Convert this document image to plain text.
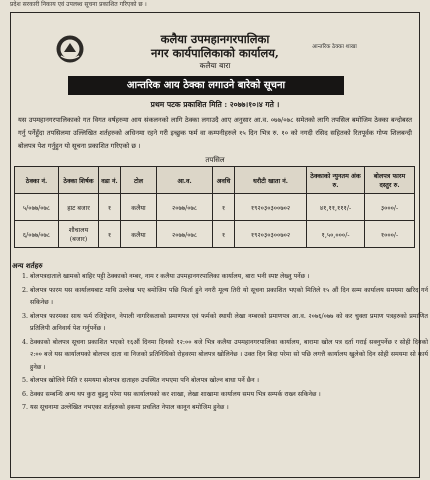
प्रदेश सरकारी निकाय एवं उपलब्ध सूचना प्रकाशित गरिएको छ ।
कलैया उपमहानगरपालिका
नगर कार्यपालिकाको कार्यालय,
कलैया बारा
आन्तरिक ठेक्का शाखा
आन्तरिक आय ठेक्का लगाउने बारेको सूचना
प्रथम पटक प्रकाशित मिति : २०७७।१०।४ गते ।
यस उपमहानगरपालिकाको गत विगत वर्षहरुमा आय संकलनको लागि ठेक्का लगाउदै आए अनुसार आ.व. ०७७/०७८ समेतको लागि तपसिल बमोजिम ठेक्का बन्दोबस्त गर्नु पर्नेहुँदा तपसिलमा उल्लिखित शर्तहरुको अधिनमा रहने गरी इच्छुक फर्म वा कम्पनीहरुले १५ दिन भित्र रु. १० को नगदी रसिद सहितको रितपूर्वक गोप्य शिलबन्दी बोलपत्र पेश गर्नुहुन यो सूचना प्रकाशित गरिएको छ ।
तपसिल
ठेक्का नं.	ठेक्का शिर्षक	वडा नं.	टोल	आ.व.	अवधि	धरौटी खाता नं.	ठेक्काको न्युनतम अंक रु.	बोलपत्र फारम दस्तुर रु.
५/०७७/०७८	हाट बजार	१	कलैया	२०७७/०७८	१	१९२०३०३००७०२	४१,११,१११/-	३०००/-
६/०७७/०७८	शौचालय (बजार)	१	कलैया	२०७७/०७८	१	१९२०३०३००७०२	१,५०,०००/-	१०००/-
अन्य शर्तहरु
1. बोलपत्रदाताले खामको बाहिर पट्टी ठेक्काको नम्बर, नाम र कलैया उपमहानगरपालिका कार्यालय, बारा भनी स्पष्ट लेख्नु पर्नेछ ।
2. बोलपत्र फारम यस कार्यालयबाट माथि उल्लेख भए बमोजिम पछि फिर्ता हुने नगरी मूल्य तिरी यो सूचना प्रकाशित भएको मितिले १५ औं दिन सम्म कार्यालय समयमा खरिद गर्न सकिनेछ ।
3. बोलपत्र फारमका साथ फर्म रजिष्ट्रेशन, नेपाली नागरिकताको प्रमाणपत्र एवं फर्मको स्थायी लेखा नम्बरको प्रमाणपत्र आ.व. २०७६/०७७ को कर चुक्ता प्रमाण पत्रहरुको प्रमाणित प्रतिलिपी अनिवार्य पेश गर्नुपर्नेछ ।
4. ठेक्काको बोलपत्र सूचना प्रकाशित भएको १६औं दिनमा दिनको १२:०० बजे भित्र कलैया उपमहानगरपालिका कार्यालय, बारामा खोल पत्र दर्ता गराई सक्नुपर्नेछ र सोही दिनको २:०० बजे यस कार्यालयको बोलपत्र दाता वा निजको प्रतिनिधिको रोहवरमा बोलपत्र खोलिनेछ । उक्त दिन बिदा परेमा सो पछि लगत्तै कार्यालय खुलेको दिन सोही समयमा सो कार्य हुनेछ ।
5. बोलपत्र खोलिने मिति र समयमा बोलपत्र दाताहरु उपस्थित नभएमा पनि बोलपत्र खोल्न बाधा पर्ने छैन ।
6. ठेक्का सम्बन्धि अन्य थप कुरा बुझ्नु परेमा यस कार्यालयको कर शाखा, लेखा शाखामा कार्यालय समय भित्र सम्पर्क राख्न सकिनेछ ।
7. यस सूचनामा उल्लेखित नभएका शर्तहरुको हकमा प्रचलित नेपाल कानून बमोजिम हुनेछ ।
